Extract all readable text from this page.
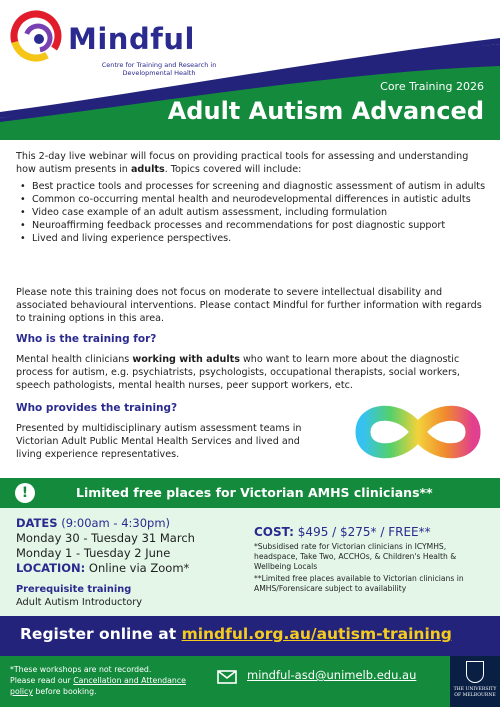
Mindful
Centre for Training and Research in Developmental Health
Core Training 2026
Adult Autism Advanced

This 2-day live webinar will focus on providing practical tools for assessing and understanding how autism presents in adults. Topics covered will include:

• Best practice tools and processes for screening and diagnostic assessment of autism in adults
• Common co-occurring mental health and neurodevelopmental differences in autistic adults
• Video case example of an adult autism assessment, including formulation
• Neuroaffirming feedback processes and recommendations for post diagnostic support
• Lived and living experience perspectives.

Please note this training does not focus on moderate to severe intellectual disability and associated behavioural interventions. Please contact Mindful for further information with regards to training options in this area.

Who is the training for?

Mental health clinicians working with adults who want to learn more about the diagnostic process for autism, e.g. psychiatrists, psychologists, occupational therapists, social workers, speech pathologists, mental health nurses, peer support workers, etc.

Who provides the training?

Presented by multidisciplinary autism assessment teams in Victorian Adult Public Mental Health Services and lived and living experience representatives.

!	Limited free places for Victorian AMHS clinicians**
DATES (9:00am - 4:30pm)
Monday 30 - Tuesday 31 March
Monday 1 - Tuesday 2 June
LOCATION: Online via Zoom*
Prerequisite training
Adult Autism Introductory
COST: $495 / $275* / FREE**
*Subsidised rate for Victorian clinicians in ICYMHS, headspace, Take Two, ACCHOs, & Children's Health & Wellbeing Locals
**Limited free places available to Victorian clinicians in AMHS/Forensicare subject to availability
Register online at mindful.org.au/autism-training
*These workshops are not recorded.
Please read our Cancellation and Attendance policy before booking.
mindful-asd@unimelb.edu.au
THE UNIVERSITY OF MELBOURNE
